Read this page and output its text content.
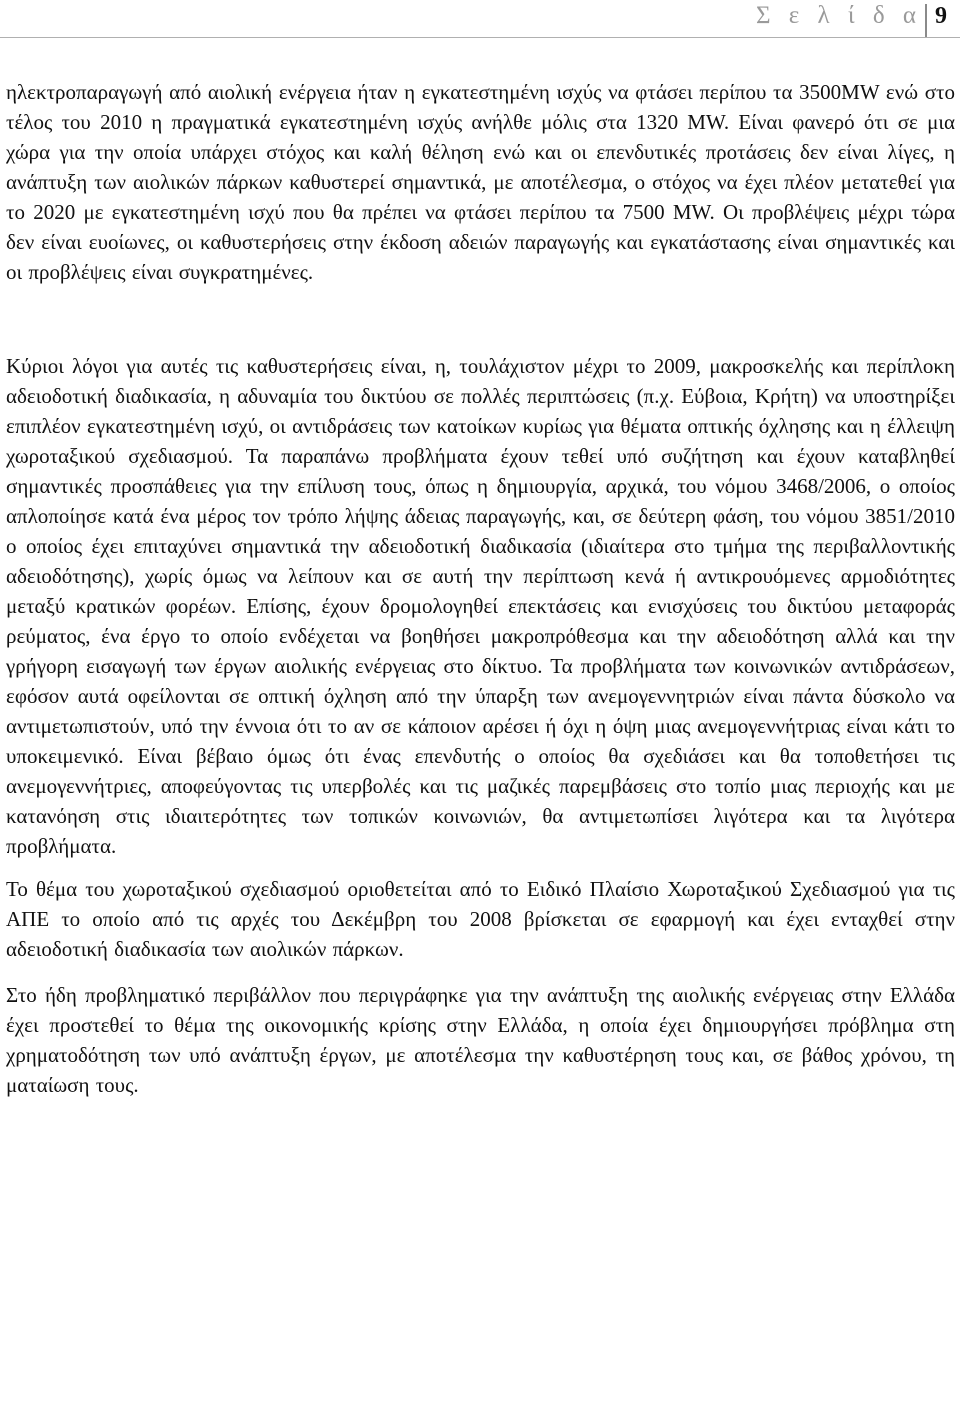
Σ ε λ ί δ α 9

ηλεκτροπαραγωγή από αιολική ενέργεια ήταν η εγκατεστημένη ισχύς να φτάσει περίπου τα 3500MW ενώ στο τέλος του 2010 η πραγματικά εγκατεστημένη ισχύς ανήλθε μόλις στα 1320 MW. Είναι φανερό ότι σε μια χώρα για την οποία υπάρχει στόχος και καλή θέληση ενώ και οι επενδυτικές προτάσεις δεν είναι λίγες, η ανάπτυξη των αιολικών πάρκων καθυστερεί σημαντικά, με αποτέλεσμα, ο στόχος να έχει πλέον μετατεθεί για το 2020 με εγκατεστημένη ισχύ που θα πρέπει να φτάσει περίπου τα 7500 MW. Οι προβλέψεις μέχρι τώρα δεν είναι ευοίωνες, οι καθυστερήσεις στην έκδοση αδειών παραγωγής και εγκατάστασης είναι σημαντικές και οι προβλέψεις είναι συγκρατημένες.

Κύριοι λόγοι για αυτές τις καθυστερήσεις είναι, η, τουλάχιστον μέχρι το 2009, μακροσκελής και περίπλοκη αδειοδοτική διαδικασία, η αδυναμία του δικτύου σε πολλές περιπτώσεις (π.χ. Εύβοια, Κρήτη) να υποστηρίξει επιπλέον εγκατεστημένη ισχύ, οι αντιδράσεις των κατοίκων κυρίως για θέματα οπτικής όχλησης και η έλλειψη χωροταξικού σχεδιασμού. Τα παραπάνω προβλήματα έχουν τεθεί υπό συζήτηση και έχουν καταβληθεί σημαντικές προσπάθειες για την επίλυση τους, όπως η δημιουργία, αρχικά, του νόμου 3468/2006, ο οποίος απλοποίησε κατά ένα μέρος τον τρόπο λήψης άδειας παραγωγής, και, σε δεύτερη φάση, του νόμου 3851/2010 ο οποίος έχει επιταχύνει σημαντικά την αδειοδοτική διαδικασία (ιδιαίτερα στο τμήμα της περιβαλλοντικής αδειοδότησης), χωρίς όμως να λείπουν και σε αυτή την περίπτωση κενά ή αντικρουόμενες αρμοδιότητες μεταξύ κρατικών φορέων. Επίσης, έχουν δρομολογηθεί επεκτάσεις και ενισχύσεις του δικτύου μεταφοράς ρεύματος, ένα έργο το οποίο ενδέχεται να βοηθήσει μακροπρόθεσμα και την αδειοδότηση αλλά και την γρήγορη εισαγωγή των έργων αιολικής ενέργειας στο δίκτυο. Τα προβλήματα των κοινωνικών αντιδράσεων, εφόσον αυτά οφείλονται σε οπτική όχληση από την ύπαρξη των ανεμογεννητριών είναι πάντα δύσκολο να αντιμετωπιστούν, υπό την έννοια ότι το αν σε κάποιον αρέσει ή όχι η όψη μιας ανεμογεννήτριας είναι κάτι το υποκειμενικό. Είναι βέβαιο όμως ότι ένας επενδυτής ο οποίος θα σχεδιάσει και θα τοποθετήσει τις ανεμογεννήτριες, αποφεύγοντας τις υπερβολές και τις μαζικές παρεμβάσεις στο τοπίο μιας περιοχής και με κατανόηση στις ιδιαιτερότητες των τοπικών κοινωνιών, θα αντιμετωπίσει λιγότερα και τα λιγότερα προβλήματα.

Το θέμα του χωροταξικού σχεδιασμού οριοθετείται από το Ειδικό Πλαίσιο Χωροταξικού Σχεδιασμού για τις ΑΠΕ το οποίο από τις αρχές του Δεκέμβρη του 2008 βρίσκεται σε εφαρμογή και έχει ενταχθεί στην αδειοδοτική διαδικασία των αιολικών πάρκων.

Στο ήδη προβληματικό περιβάλλον που περιγράφηκε για την ανάπτυξη της αιολικής ενέργειας στην Ελλάδα έχει προστεθεί το θέμα της οικονομικής κρίσης στην Ελλάδα, η οποία έχει δημιουργήσει πρόβλημα στη χρηματοδότηση των υπό ανάπτυξη έργων, με αποτέλεσμα την καθυστέρηση τους και, σε βάθος χρόνου, τη ματαίωση τους.
